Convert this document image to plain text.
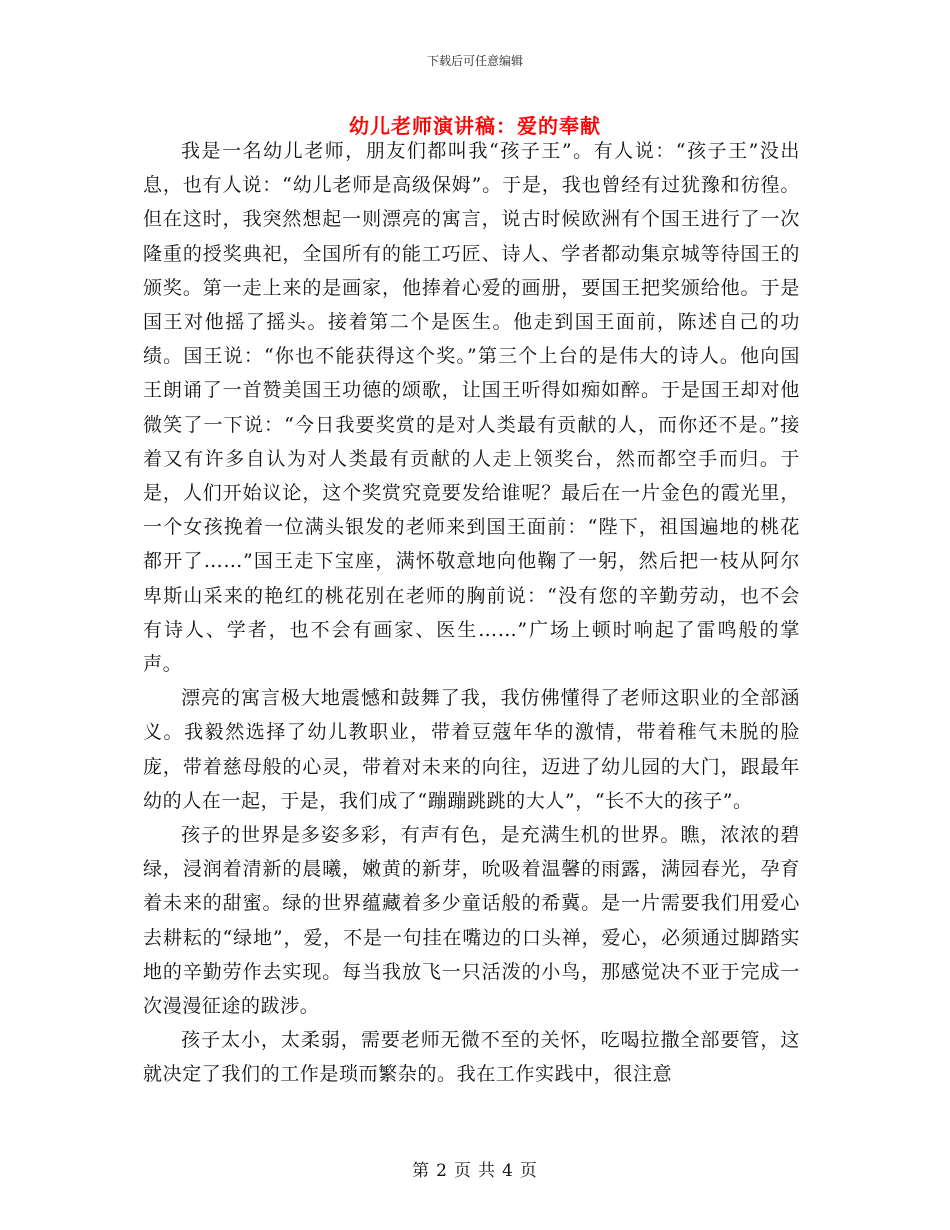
下载后可任意编辑
幼儿老师演讲稿：爱的奉献

我是一名幼儿老师，朋友们都叫我“孩子王”。有人说：“孩子王”没出息，也有人说：“幼儿老师是高级保姆”。于是，我也曾经有过犹豫和彷徨。但在这时，我突然想起一则漂亮的寓言，说古时候欧洲有个国王进行了一次隆重的授奖典祀，全国所有的能工巧匠、诗人、学者都动集京城等待国王的颁奖。第一走上来的是画家，他捧着心爱的画册，要国王把奖颁给他。于是国王对他摇了摇头。接着第二个是医生。他走到国王面前，陈述自己的功绩。国王说：“你也不能获得这个奖。”第三个上台的是伟大的诗人。他向国王朗诵了一首赞美国王功德的颂歌，让国王听得如痴如醉。于是国王却对他微笑了一下说：“今日我要奖赏的是对人类最有贡献的人，而你还不是。”接着又有许多自认为对人类最有贡献的人走上领奖台，然而都空手而归。于是，人们开始议论，这个奖赏究竟要发给谁呢？最后在一片金色的霞光里，一个女孩挽着一位满头银发的老师来到国王面前：“陛下，祖国遍地的桃花都开了……”国王走下宝座，满怀敬意地向他鞠了一躬，然后把一枝从阿尔卑斯山采来的艳红的桃花别在老师的胸前说：“没有您的辛勤劳动，也不会有诗人、学者，也不会有画家、医生……”广场上顿时响起了雷鸣般的掌声。

漂亮的寓言极大地震憾和鼓舞了我，我仿佛懂得了老师这职业的全部涵义。我毅然选择了幼儿教职业，带着豆蔻年华的激情，带着稚气未脱的脸庞，带着慈母般的心灵，带着对未来的向往，迈进了幼儿园的大门，跟最年幼的人在一起，于是，我们成了“蹦蹦跳跳的大人”，“长不大的孩子”。

孩子的世界是多姿多彩，有声有色，是充满生机的世界。瞧，浓浓的碧绿，浸润着清新的晨曦，嫩黄的新芽，吮吸着温馨的雨露，满园春光，孕育着未来的甜蜜。绿的世界蕴藏着多少童话般的希冀。是一片需要我们用爱心去耕耘的“绿地”，爱，不是一句挂在嘴边的口头禅，爱心，必须通过脚踏实地的辛勤劳作去实现。每当我放飞一只活泼的小鸟，那感觉决不亚于完成一次漫漫征途的跋涉。

孩子太小，太柔弱，需要老师无微不至的关怀，吃喝拉撒全部要管，这就决定了我们的工作是琐而繁杂的。我在工作实践中，很注意

第 2 页 共 4 页
